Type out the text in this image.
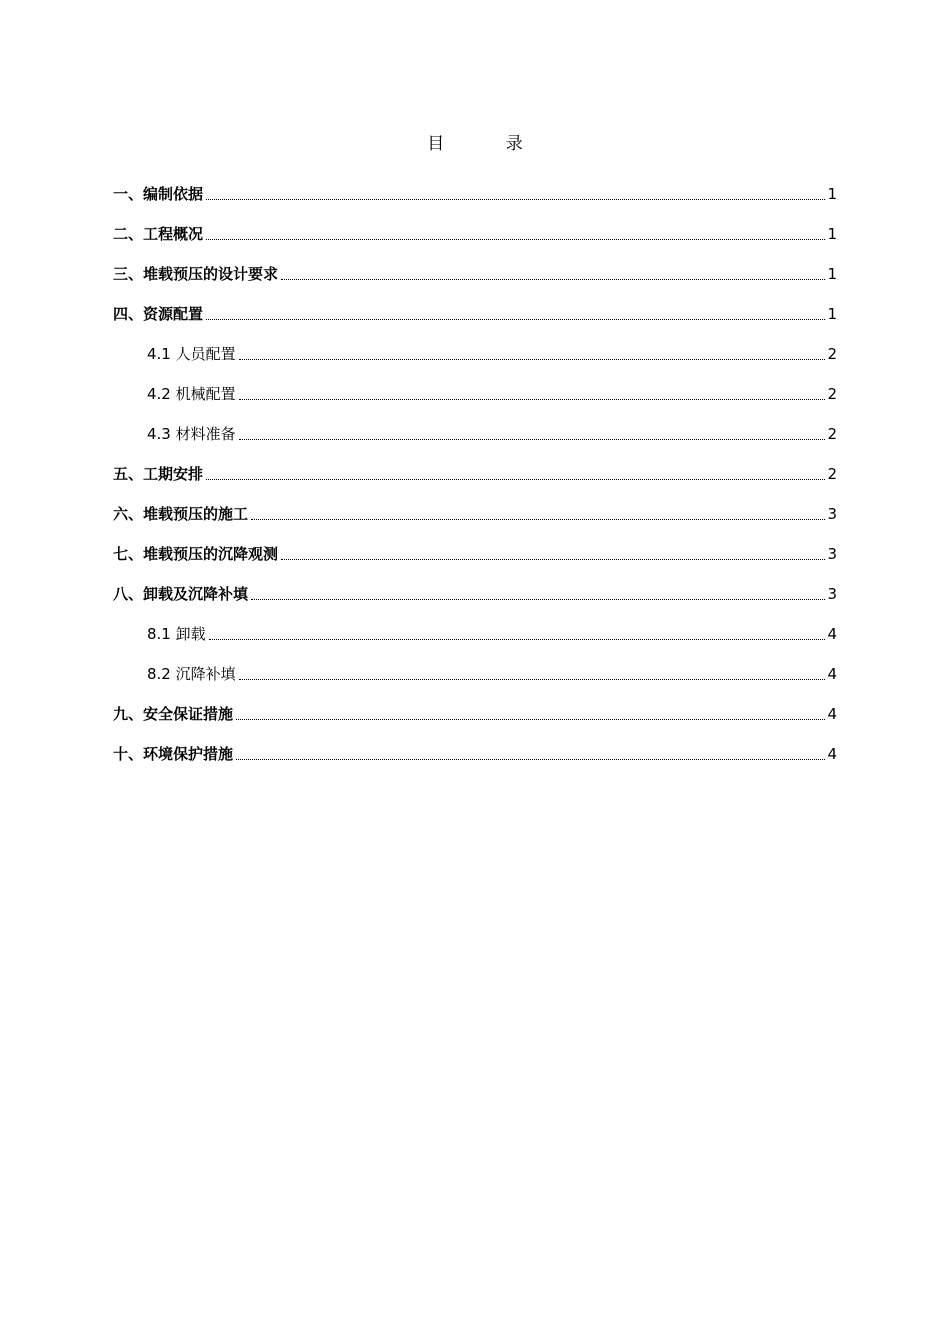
目 录
一、编制依据	1
二、工程概况	1
三、堆载预压的设计要求	1
四、资源配置	1
4.1 人员配置	2
4.2 机械配置	2
4.3 材料准备	2
五、工期安排	2
六、堆载预压的施工	3
七、堆载预压的沉降观测	3
八、卸载及沉降补填	3
8.1 卸载	4
8.2 沉降补填	4
九、安全保证措施	4
十、环境保护措施	4
